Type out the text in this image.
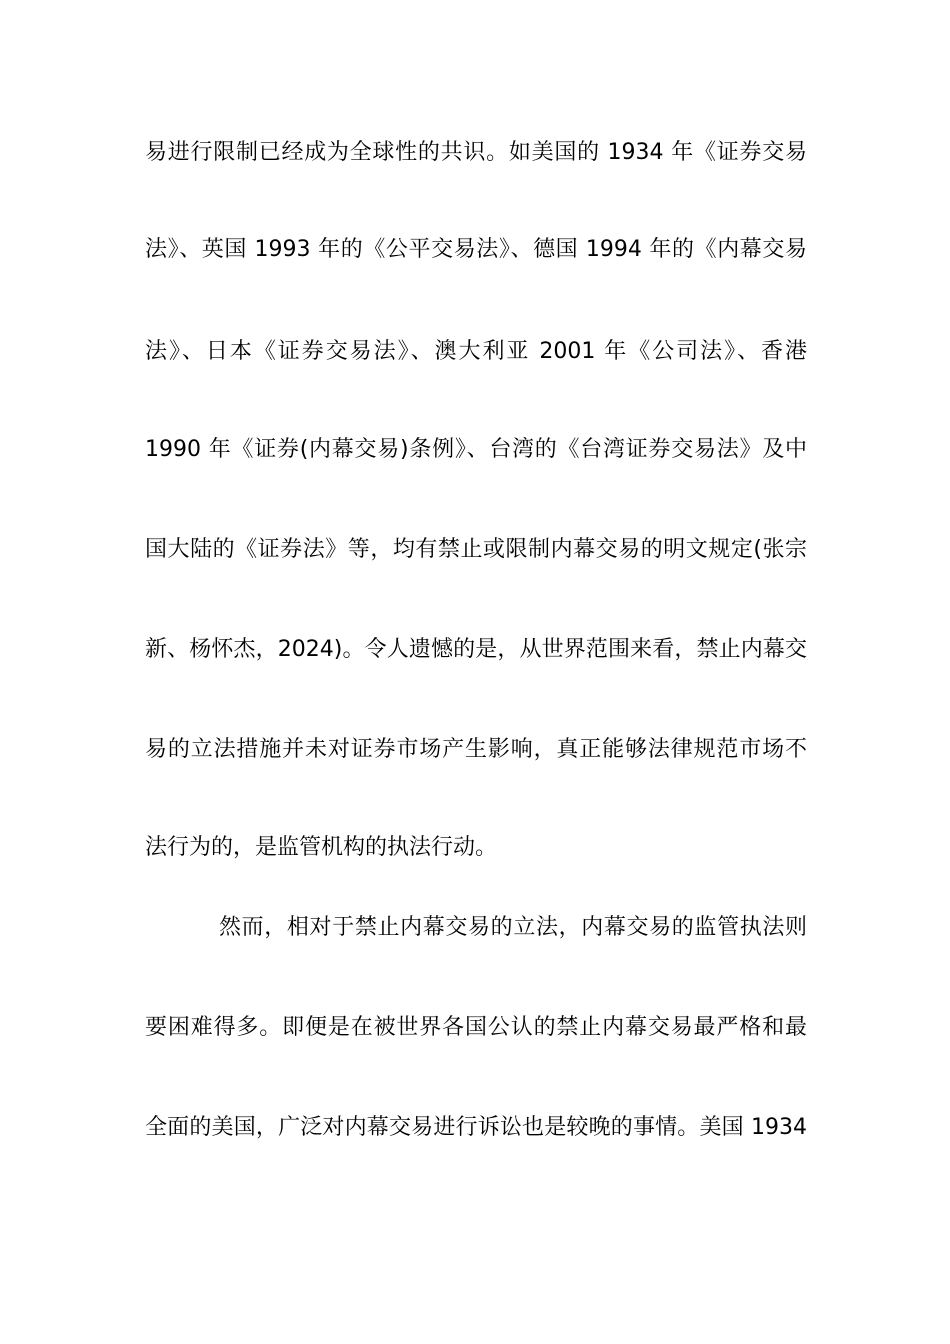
易进行限制已经成为全球性的共识。如美国的 1934 年《证券交易
法》、英国 1993 年的《公平交易法》、德国 1994 年的《内幕交易
法》、日本《证券交易法》、澳大利亚 2001 年《公司法》、香港
1990 年《证券(内幕交易)条例》、台湾的《台湾证券交易法》及中
国大陆的《证券法》等，均有禁止或限制内幕交易的明文规定(张宗
新、杨怀杰，2024)。令人遗憾的是，从世界范围来看，禁止内幕交
易的立法措施并未对证券市场产生影响，真正能够法律规范市场不
法行为的，是监管机构的执法行动。
然而，相对于禁止内幕交易的立法，内幕交易的监管执法则
要困难得多。即便是在被世界各国公认的禁止内幕交易最严格和最
全面的美国，广泛对内幕交易进行诉讼也是较晚的事情。美国 1934
